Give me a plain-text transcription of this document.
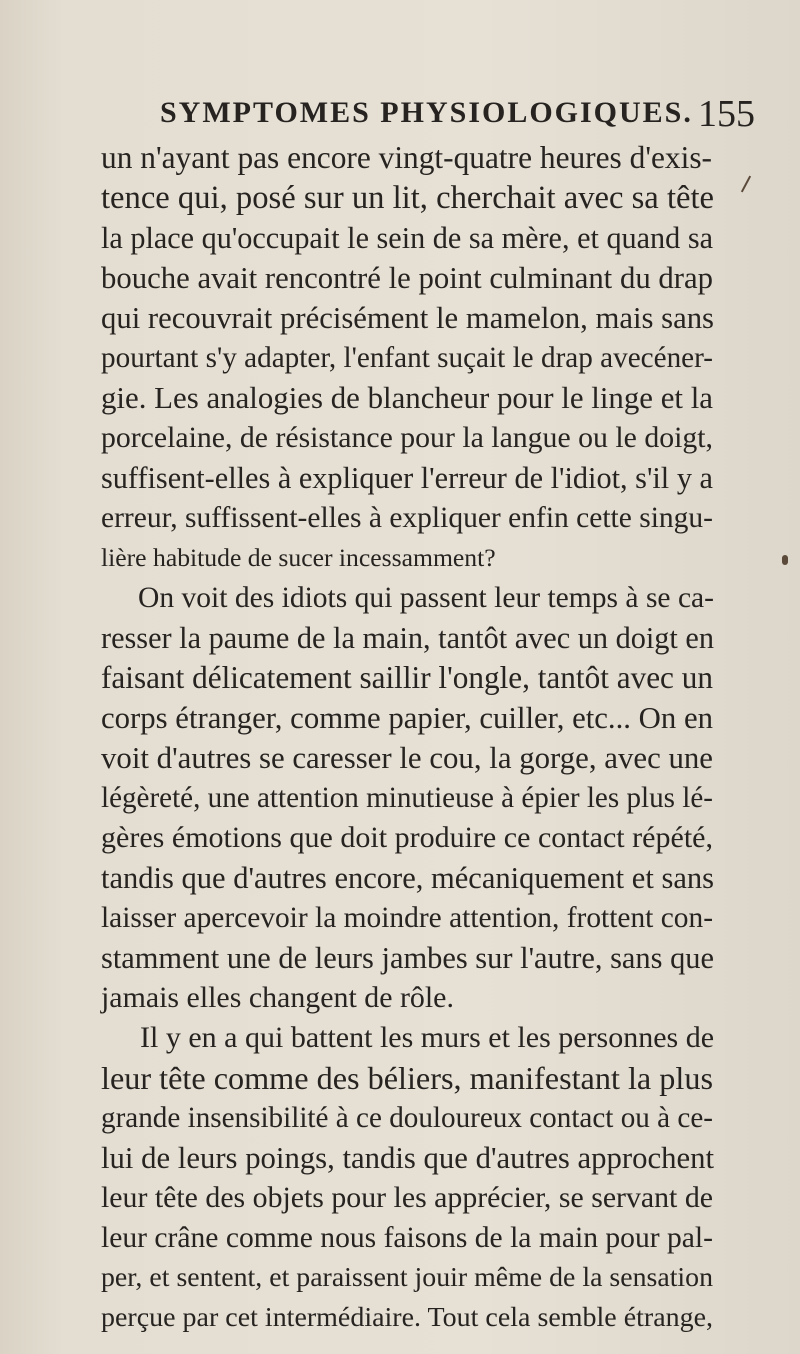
SYMPTOMES PHYSIOLOGIQUES. 155
un n'ayant pas encore vingt-quatre heures d'exis-
tence qui, posé sur un lit, cherchait avec sa tête
la place qu'occupait le sein de sa mère, et quand sa
bouche avait rencontré le point culminant du drap
qui recouvrait précisément le mamelon, mais sans
pourtant s'y adapter, l'enfant suçait le drap avecéner-
gie. Les analogies de blancheur pour le linge et la
porcelaine, de résistance pour la langue ou le doigt,
suffisent-elles à expliquer l'erreur de l'idiot, s'il y a
erreur, suffissent-elles à expliquer enfin cette singu-
lière habitude de sucer incessamment?
On voit des idiots qui passent leur temps à se ca-
resser la paume de la main, tantôt avec un doigt en
faisant délicatement saillir l'ongle, tantôt avec un
corps étranger, comme papier, cuiller, etc... On en
voit d'autres se caresser le cou, la gorge, avec une
légèreté, une attention minutieuse à épier les plus lé-
gères émotions que doit produire ce contact répété,
tandis que d'autres encore, mécaniquement et sans
laisser apercevoir la moindre attention, frottent con-
stamment une de leurs jambes sur l'autre, sans que
jamais elles changent de rôle.
Il y en a qui battent les murs et les personnes de
leur tête comme des béliers, manifestant la plus
grande insensibilité à ce douloureux contact ou à ce-
lui de leurs poings, tandis que d'autres approchent
leur tête des objets pour les apprécier, se servant de
leur crâne comme nous faisons de la main pour pal-
per, et sentent, et paraissent jouir même de la sensation
perçue par cet intermédiaire. Tout cela semble étrange,
